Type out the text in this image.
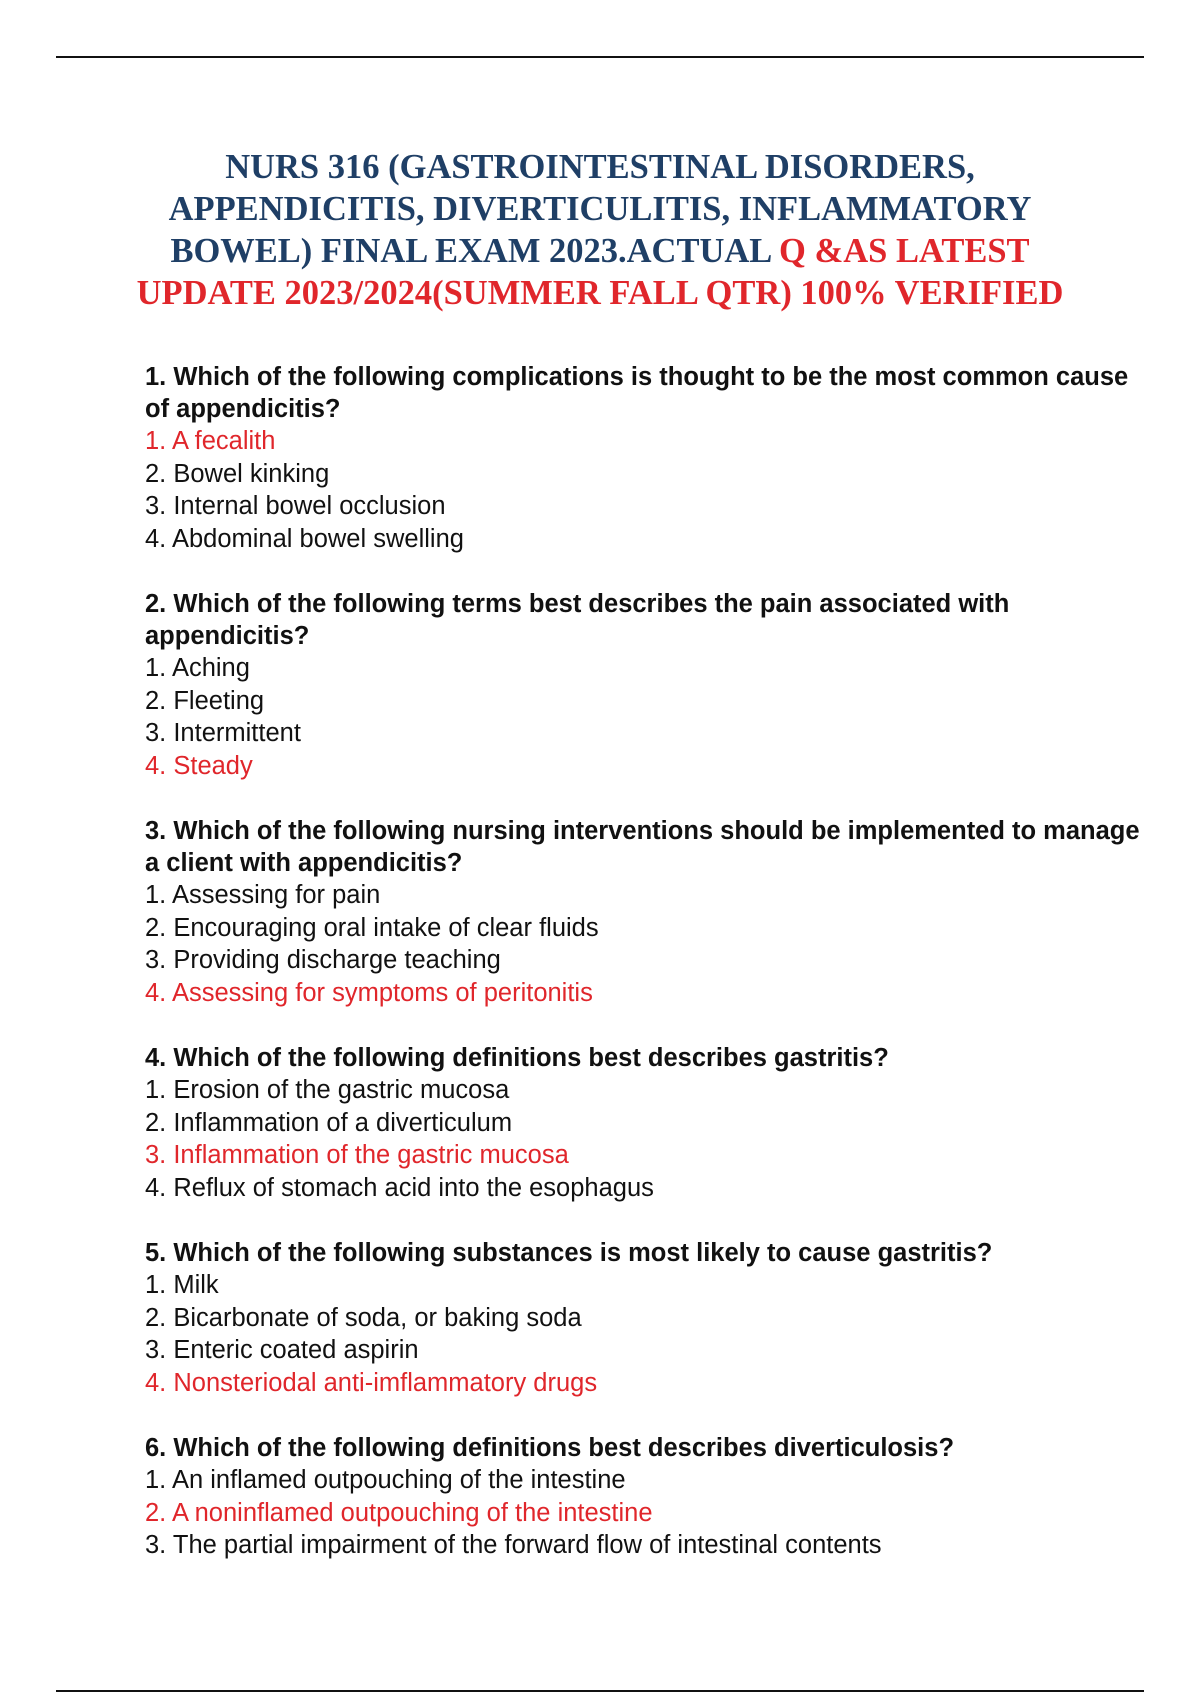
NURS 316 (GASTROINTESTINAL DISORDERS, APPENDICITIS, DIVERTICULITIS, INFLAMMATORY BOWEL) FINAL EXAM 2023.ACTUAL Q &AS LATEST UPDATE 2023/2024(SUMMER FALL QTR) 100% VERIFIED

1. Which of the following complications is thought to be the most common cause of appendicitis?

1. A fecalith

2. Bowel kinking

3. Internal bowel occlusion

4. Abdominal bowel swelling

2. Which of the following terms best describes the pain associated with appendicitis?

1. Aching

2. Fleeting

3. Intermittent

4. Steady

3. Which of the following nursing interventions should be implemented to manage a client with appendicitis?

1. Assessing for pain

2. Encouraging oral intake of clear fluids

3. Providing discharge teaching

4. Assessing for symptoms of peritonitis

4. Which of the following definitions best describes gastritis?

1. Erosion of the gastric mucosa

2. Inflammation of a diverticulum

3. Inflammation of the gastric mucosa

4. Reflux of stomach acid into the esophagus

5. Which of the following substances is most likely to cause gastritis?

1. Milk

2. Bicarbonate of soda, or baking soda

3. Enteric coated aspirin

4. Nonsteriodal anti-imflammatory drugs

6. Which of the following definitions best describes diverticulosis?

1. An inflamed outpouching of the intestine

2. A noninflamed outpouching of the intestine

3. The partial impairment of the forward flow of intestinal contents
